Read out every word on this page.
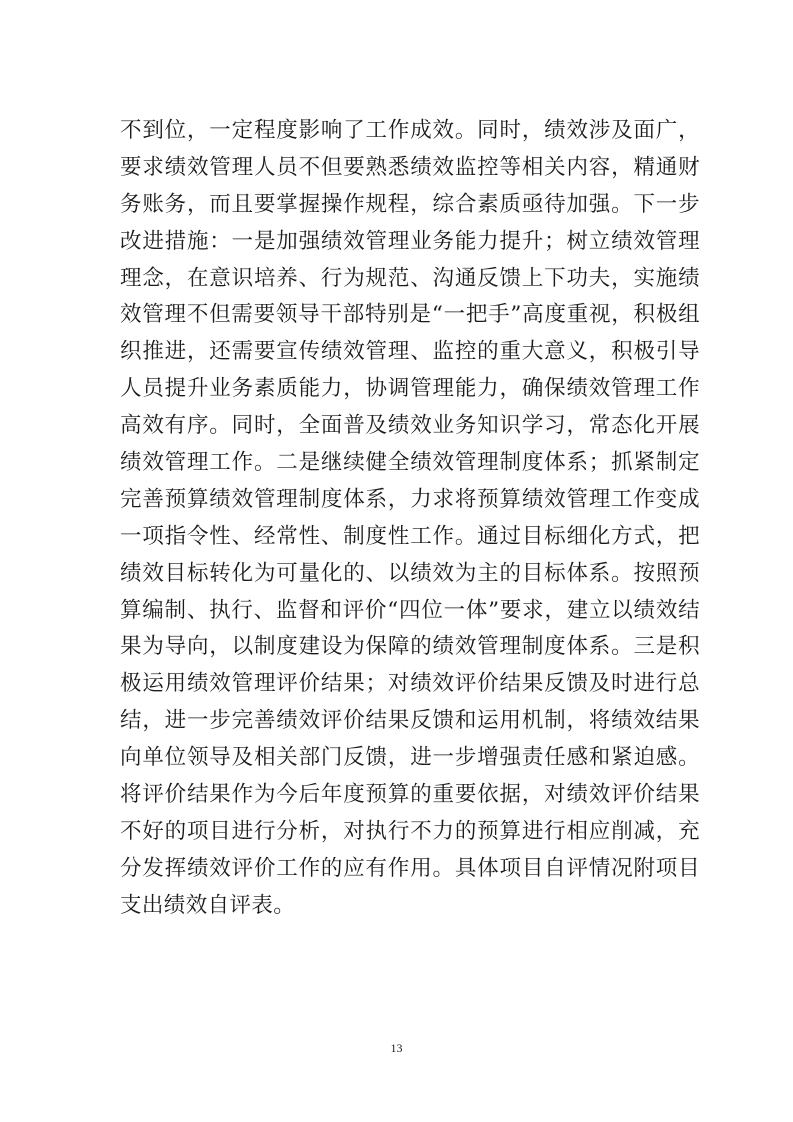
不到位，一定程度影响了工作成效。同时，绩效涉及面广，
要求绩效管理人员不但要熟悉绩效监控等相关内容，精通财
务账务，而且要掌握操作规程，综合素质亟待加强。下一步
改进措施：一是加强绩效管理业务能力提升；树立绩效管理
理念，在意识培养、行为规范、沟通反馈上下功夫，实施绩
效管理不但需要领导干部特别是“一把手”高度重视，积极组
织推进，还需要宣传绩效管理、监控的重大意义，积极引导
人员提升业务素质能力，协调管理能力，确保绩效管理工作
高效有序。同时，全面普及绩效业务知识学习，常态化开展
绩效管理工作。二是继续健全绩效管理制度体系；抓紧制定
完善预算绩效管理制度体系，力求将预算绩效管理工作变成
一项指令性、经常性、制度性工作。通过目标细化方式，把
绩效目标转化为可量化的、以绩效为主的目标体系。按照预
算编制、执行、监督和评价“四位一体”要求，建立以绩效结
果为导向，以制度建设为保障的绩效管理制度体系。三是积
极运用绩效管理评价结果；对绩效评价结果反馈及时进行总
结，进一步完善绩效评价结果反馈和运用机制，将绩效结果
向单位领导及相关部门反馈，进一步增强责任感和紧迫感。
将评价结果作为今后年度预算的重要依据，对绩效评价结果
不好的项目进行分析，对执行不力的预算进行相应削减，充
分发挥绩效评价工作的应有作用。具体项目自评情况附项目
支出绩效自评表。
13
